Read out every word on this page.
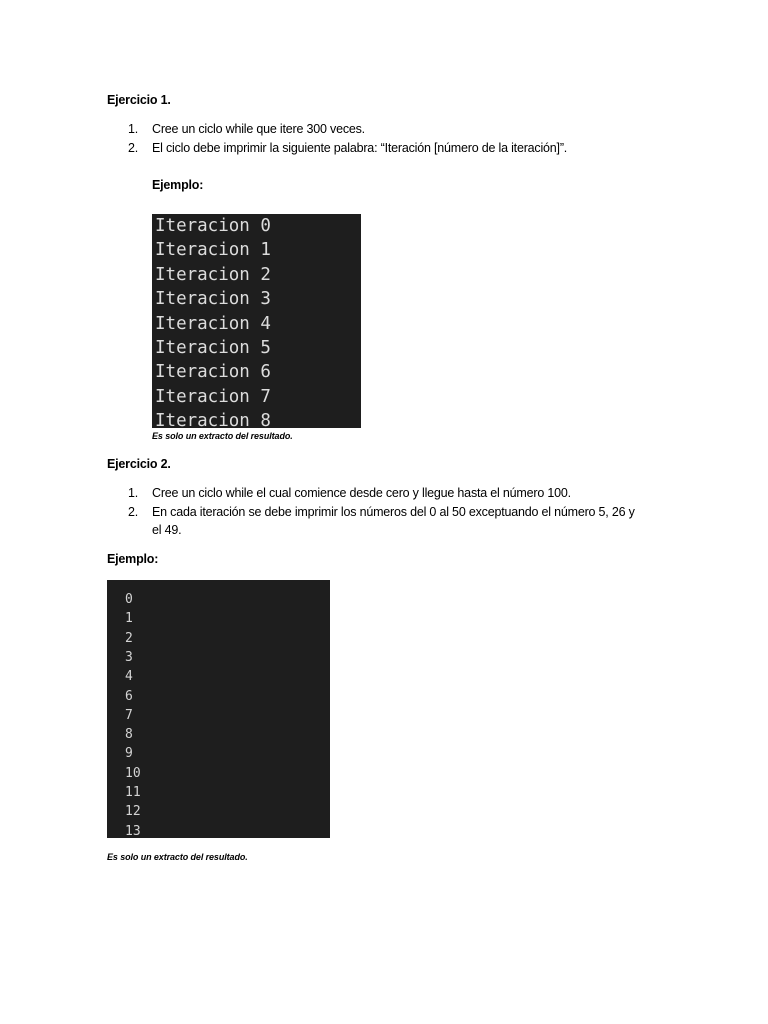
Ejercicio 1.
1. Cree un ciclo while que itere 300 veces.
2. El ciclo debe imprimir la siguiente palabra: “Iteración [número de la iteración]”.
Ejemplo:
Iteracion 0
Iteracion 1
Iteracion 2
Iteracion 3
Iteracion 4
Iteracion 5
Iteracion 6
Iteracion 7
Iteracion 8
Es solo un extracto del resultado.
Ejercicio 2.
1. Cree un ciclo while el cual comience desde cero y llegue hasta el número 100.
2. En cada iteración se debe imprimir los números del 0 al 50 exceptuando el número 5, 26 y
el 49.
Ejemplo:
0
1
2
3
4
6
7
8
9
10
11
12
13
Es solo un extracto del resultado.
